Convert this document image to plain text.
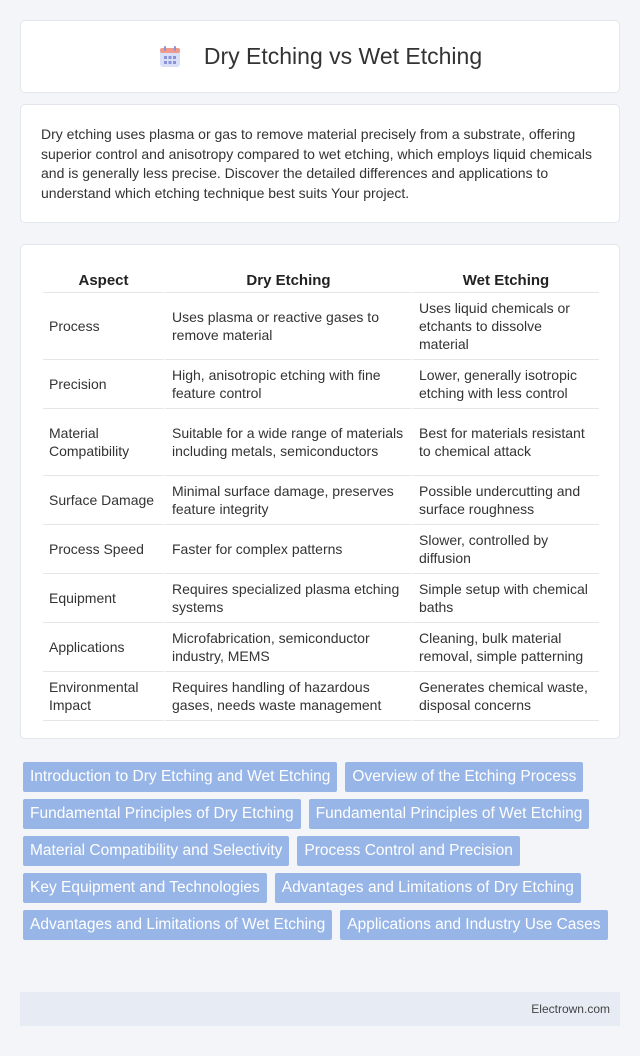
Dry Etching vs Wet Etching

Dry etching uses plasma or gas to remove material precisely from a substrate, offering superior control and anisotropy compared to wet etching, which employs liquid chemicals and is generally less precise. Discover the detailed differences and applications to understand which etching technique best suits Your project.

Aspect	Dry Etching	Wet Etching
Process	Uses plasma or reactive gases to remove material	Uses liquid chemicals or etchants to dissolve material
Precision	High, anisotropic etching with fine feature control	Lower, generally isotropic etching with less control
Material Compatibility	Suitable for a wide range of materials including metals, semiconductors	Best for materials resistant to chemical attack
Surface Damage	Minimal surface damage, preserves feature integrity	Possible undercutting and surface roughness
Process Speed	Faster for complex patterns	Slower, controlled by diffusion
Equipment	Requires specialized plasma etching systems	Simple setup with chemical baths
Applications	Microfabrication, semiconductor industry, MEMS	Cleaning, bulk material removal, simple patterning
Environmental Impact	Requires handling of hazardous gases, needs waste management	Generates chemical waste, disposal concerns
Introduction to Dry Etching and Wet Etching	Overview of the Etching Process
Fundamental Principles of Dry Etching	Fundamental Principles of Wet Etching
Material Compatibility and Selectivity	Process Control and Precision
Key Equipment and Technologies	Advantages and Limitations of Dry Etching
Advantages and Limitations of Wet Etching	Applications and Industry Use Cases
Electrown.com
